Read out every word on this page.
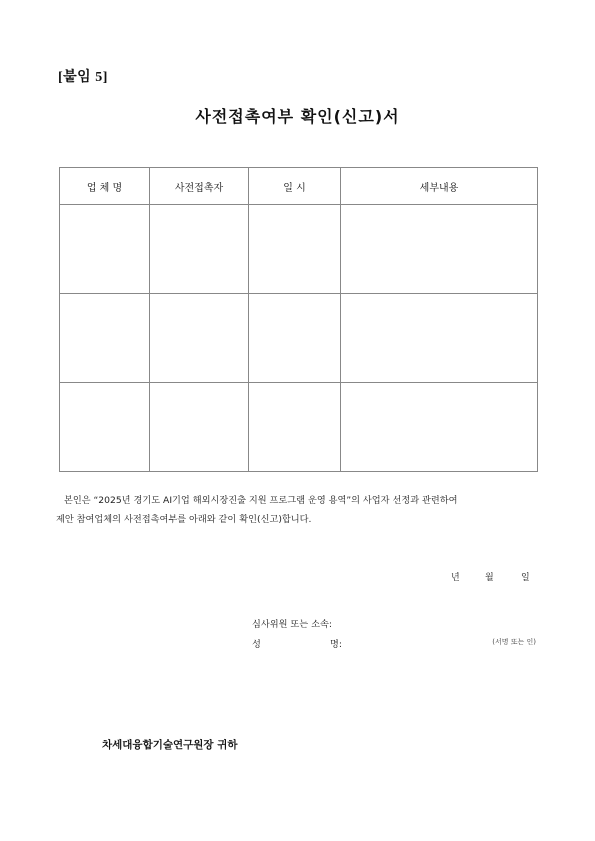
[붙임 5]
사전접촉여부 확인(신고)서
업 체 명	사전접촉자	일 시	세부내용

본인은 “2025년 경기도 AI기업 해외시장진출 지원 프로그램 운영 용역”의 사업자 선정과 관련하여
제안 참여업체의 사전접촉여부를 아래와 같이 확인(신고)합니다.
년	월	일
심사위원 또는 소속:
성	명:	(서명 또는 인)
차세대융합기술연구원장 귀하
